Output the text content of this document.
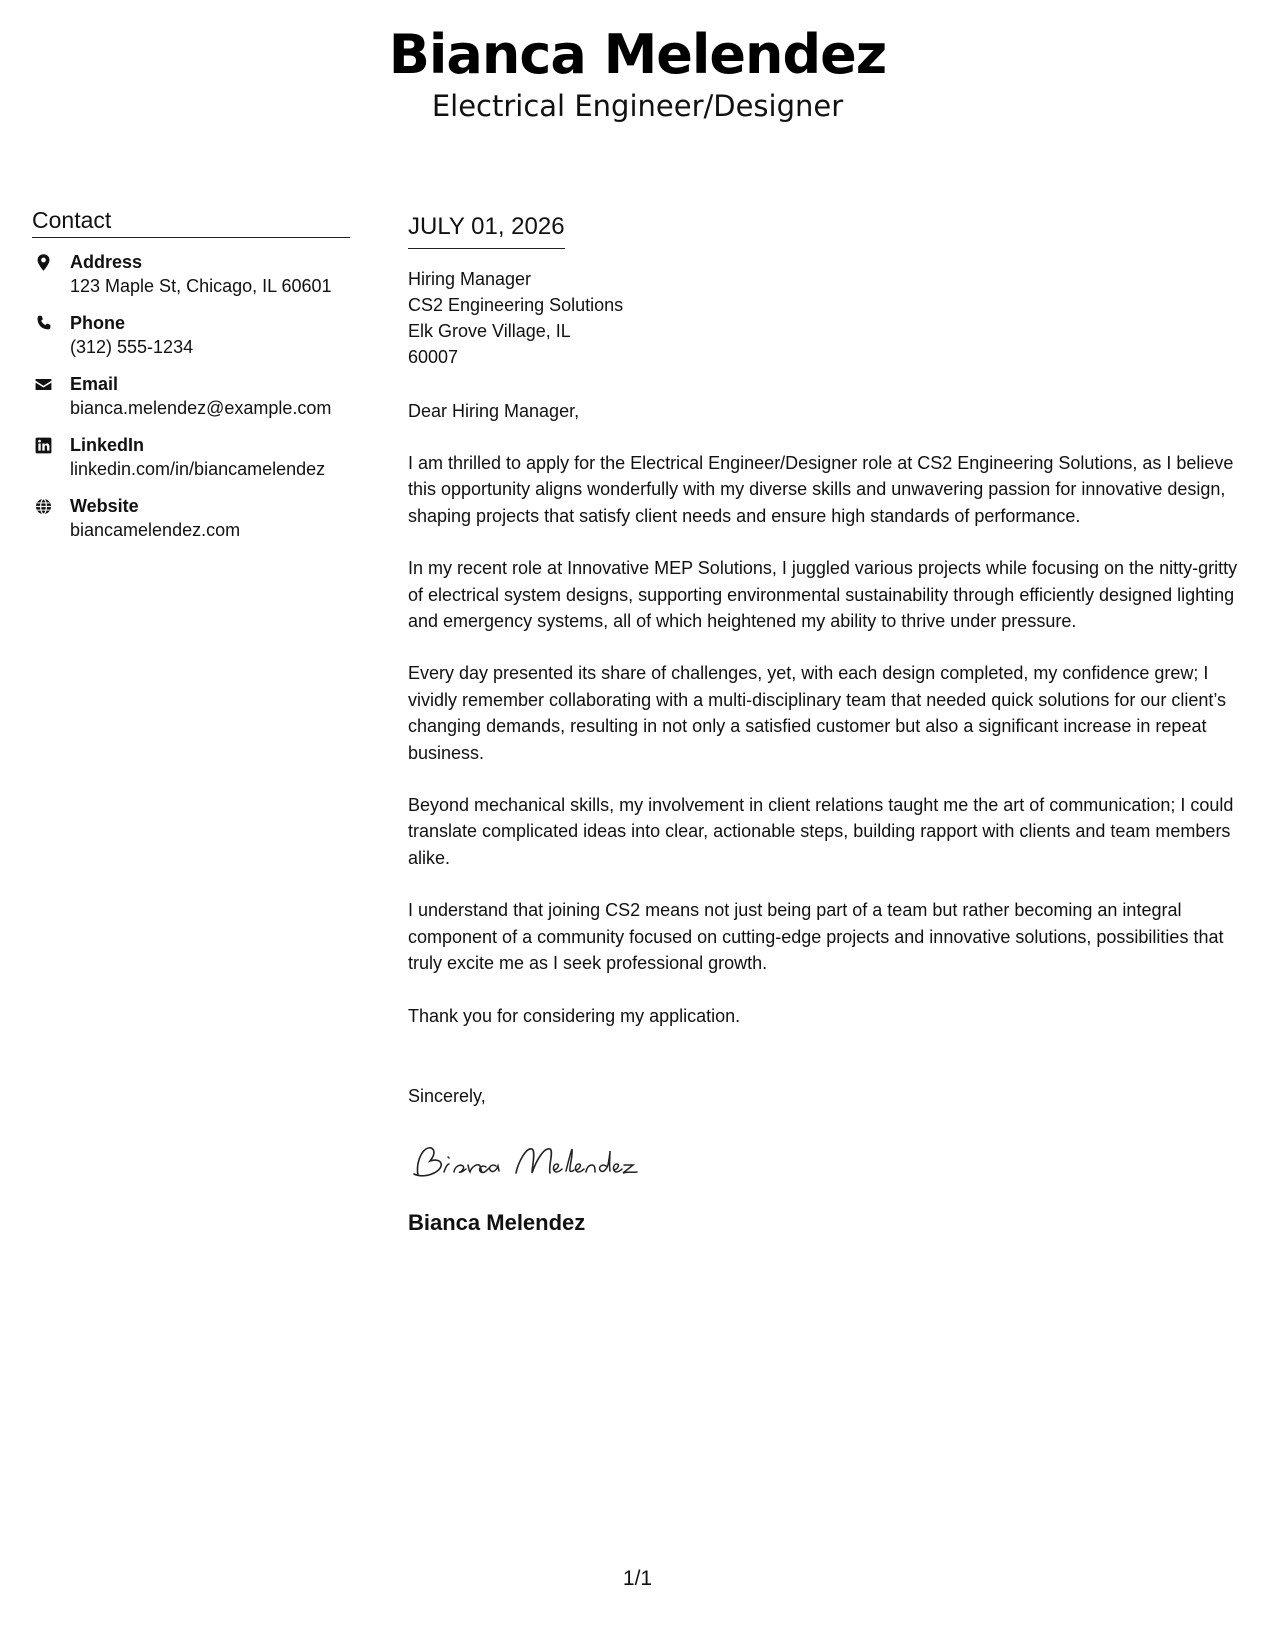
Bianca Melendez
Electrical Engineer/Designer
Contact
Address
123 Maple St, Chicago, IL 60601
Phone
(312) 555-1234
Email
bianca.melendez@example.com
LinkedIn
linkedin.com/in/biancamelendez
Website
biancamelendez.com
JULY 01, 2026
Hiring Manager
CS2 Engineering Solutions
Elk Grove Village, IL
60007
Dear Hiring Manager,
I am thrilled to apply for the Electrical Engineer/Designer role at CS2 Engineering Solutions, as I believe this opportunity aligns wonderfully with my diverse skills and unwavering passion for innovative design, shaping projects that satisfy client needs and ensure high standards of performance.
In my recent role at Innovative MEP Solutions, I juggled various projects while focusing on the nitty-gritty of electrical system designs, supporting environmental sustainability through efficiently designed lighting and emergency systems, all of which heightened my ability to thrive under pressure.
Every day presented its share of challenges, yet, with each design completed, my confidence grew; I vividly remember collaborating with a multi-disciplinary team that needed quick solutions for our client’s changing demands, resulting in not only a satisfied customer but also a significant increase in repeat business.
Beyond mechanical skills, my involvement in client relations taught me the art of communication; I could translate complicated ideas into clear, actionable steps, building rapport with clients and team members alike.
I understand that joining CS2 means not just being part of a team but rather becoming an integral component of a community focused on cutting-edge projects and innovative solutions, possibilities that truly excite me as I seek professional growth.
Thank you for considering my application.
Sincerely,
Bianca Melendez
1/1
